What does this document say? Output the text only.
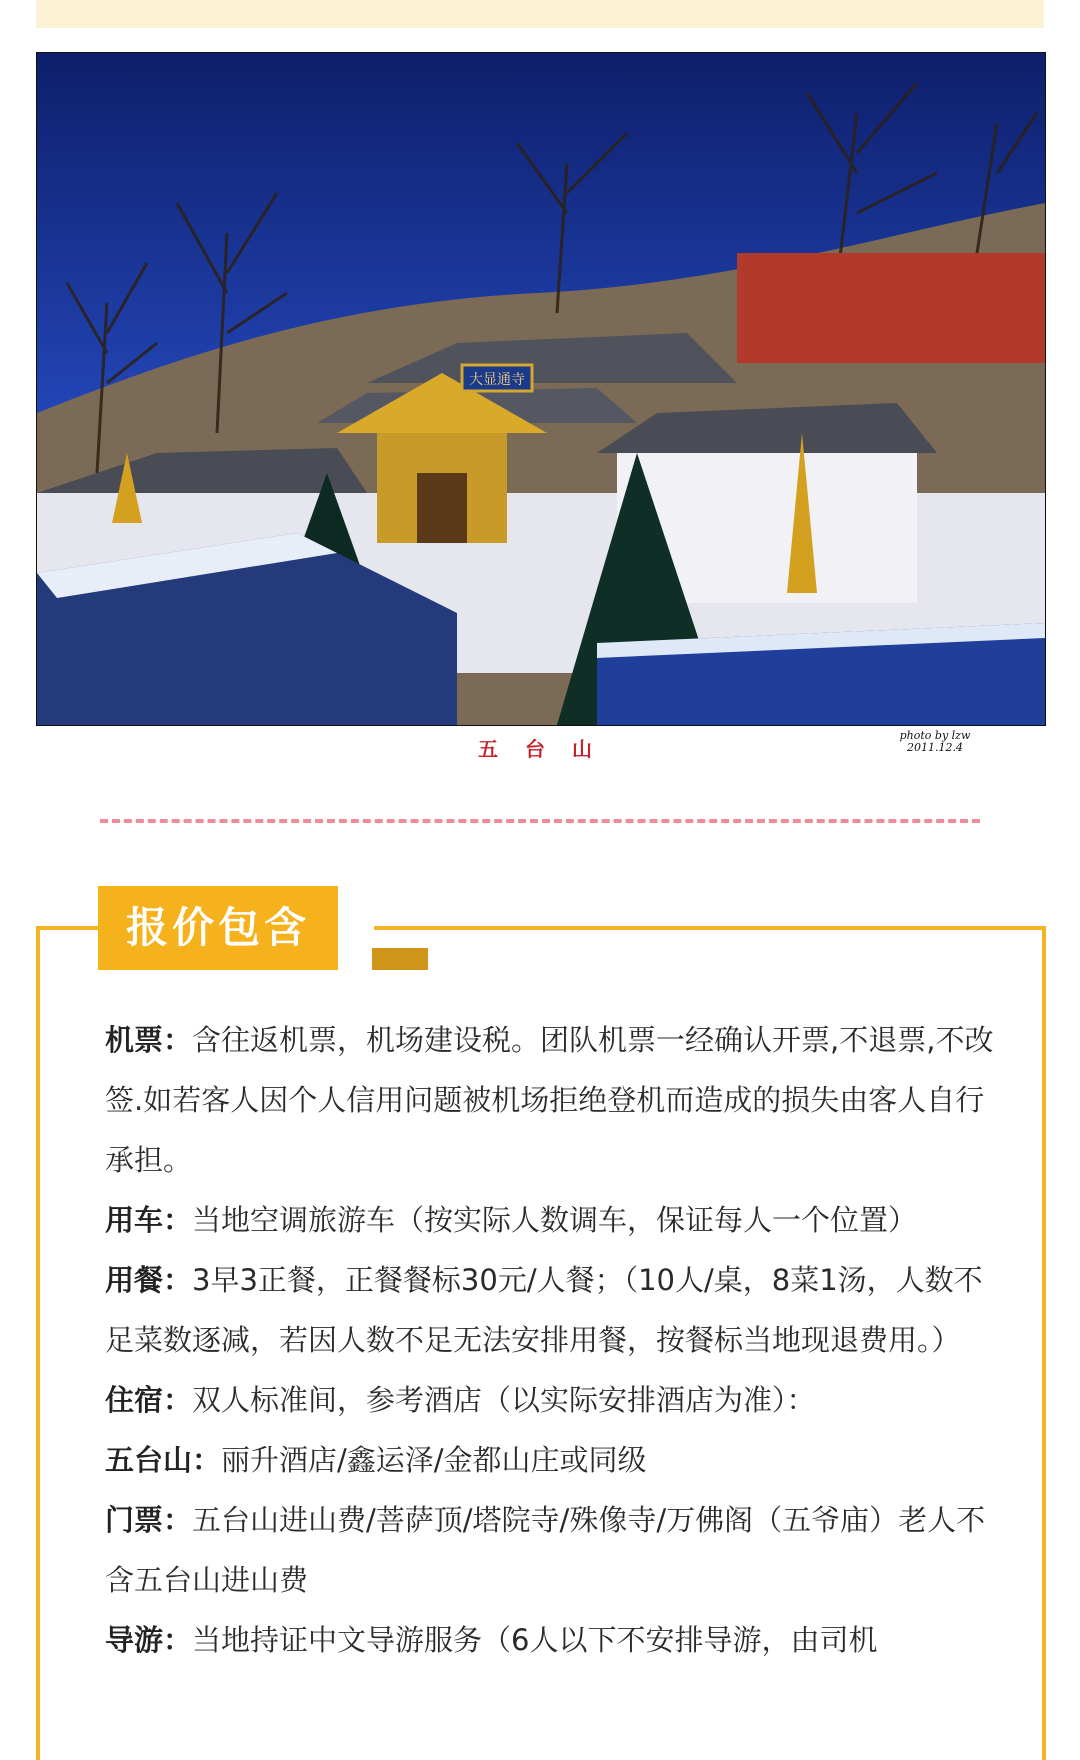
大显通寺
五 台 山
photo by lzw
2011.12.4
报价包含

机票：含往返机票，机场建设税。团队机票一经确认开票,不退票,不改签.如若客人因个人信用问题被机场拒绝登机而造成的损失由客人自行承担。

用车：当地空调旅游车（按实际人数调车，保证每人一个位置）

用餐：3早3正餐，正餐餐标30元/人餐；（10人/桌，8菜1汤，人数不足菜数逐减，若因人数不足无法安排用餐，按餐标当地现退费用。）

住宿：双人标准间，参考酒店（以实际安排酒店为准）：

五台山：丽升酒店/鑫运泽/金都山庄或同级

门票：五台山进山费/菩萨顶/塔院寺/殊像寺/万佛阁（五爷庙）老人不含五台山进山费

导游：当地持证中文导游服务（6人以下不安排导游，由司机
